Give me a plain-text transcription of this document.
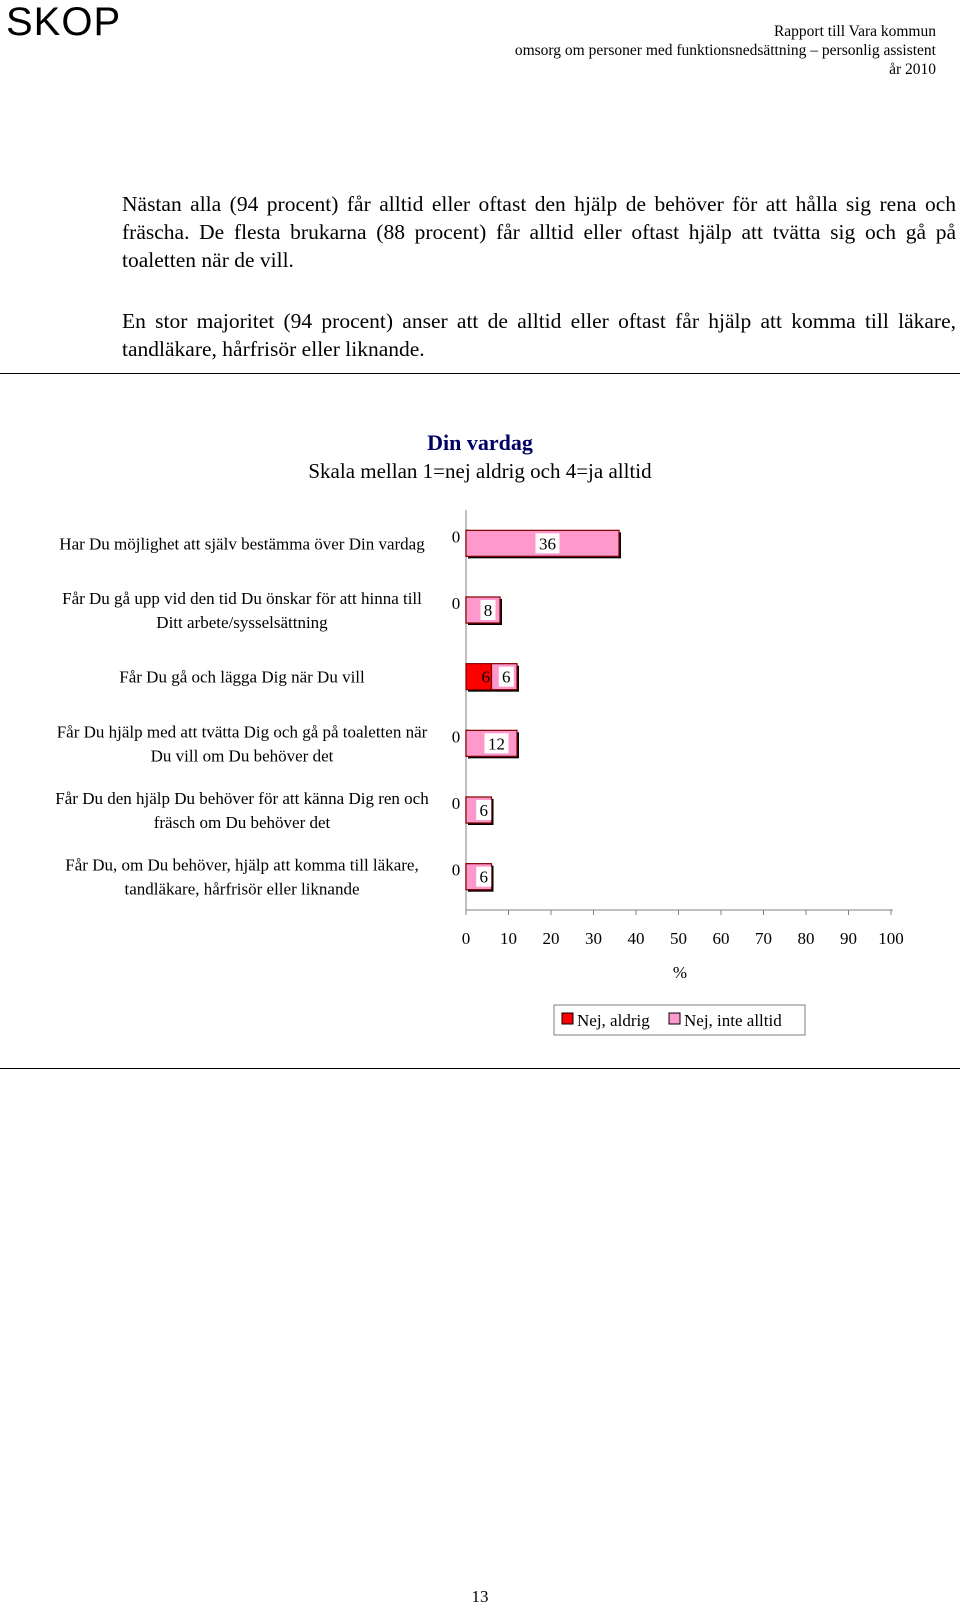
SKOP	Rapport till Vara kommun
omsorg om personer med funktionsnedsättning – personlig assistent
år 2010

Nästan alla (94 procent) får alltid eller oftast den hjälp de behöver för att hålla sig rena och fräscha. De flesta brukarna (88 procent) får alltid eller oftast hjälp att tvätta sig och gå på toaletten när de vill.

En stor majoritet (94 procent) anser att de alltid eller oftast får hjälp att komma till läkare, tandläkare, hårfrisör eller liknande.

Din vardag
Skala mellan 1=nej aldrig och 4=ja alltid
0 10 20 30 40 50 60 70 80 90 100
%
Har Du möjlighet att själv bestämma över Din vardag 0	36
Får Du gå upp vid den tid Du önskar för att hinna till
Ditt arbete/sysselsättning
0 8
Får Du gå och lägga Dig när Du vill	6 6
Får Du hjälp med att tvätta Dig och gå på toaletten när
Du vill om Du behöver det
0 12
Får Du den hjälp Du behöver för att känna Dig ren och
fräsch om Du behöver det
0 6
Får Du, om Du behöver, hjälp att komma till läkare,
tandläkare, hårfrisör eller liknande
0 6
Nej, aldrig Nej, inte alltid
13
